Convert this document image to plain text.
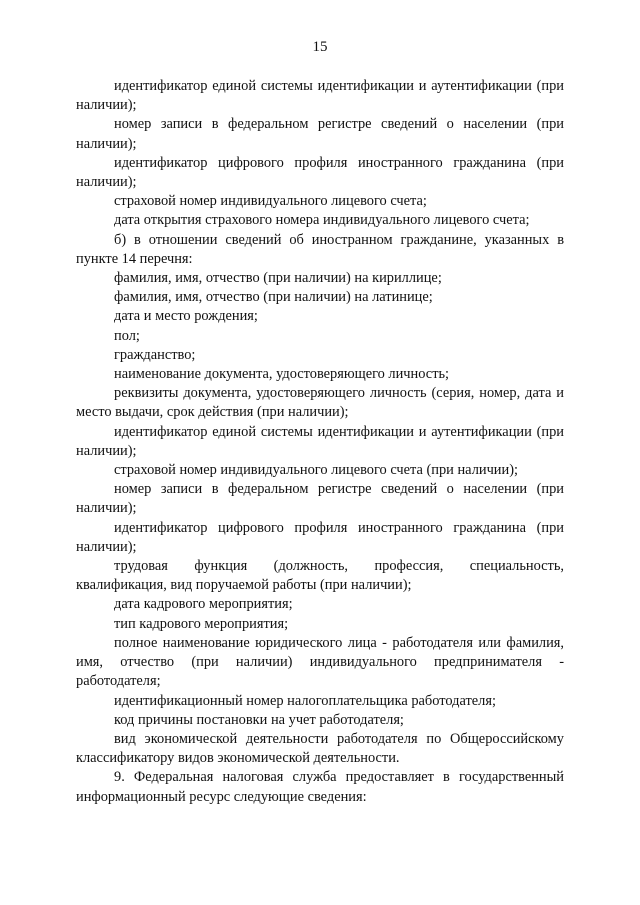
15

идентификатор единой системы идентификации и аутентификации (при наличии);

номер записи в федеральном регистре сведений о населении (при наличии);

идентификатор цифрового профиля иностранного гражданина (при наличии);

страховой номер индивидуального лицевого счета;

дата открытия страхового номера индивидуального лицевого счета;

б) в отношении сведений об иностранном гражданине, указанных в пункте 14 перечня:

фамилия, имя, отчество (при наличии) на кириллице;

фамилия, имя, отчество (при наличии) на латинице;

дата и место рождения;

пол;

гражданство;

наименование документа, удостоверяющего личность;

реквизиты документа, удостоверяющего личность (серия, номер, дата и место выдачи, срок действия (при наличии);

идентификатор единой системы идентификации и аутентификации (при наличии);

страховой номер индивидуального лицевого счета (при наличии);

номер записи в федеральном регистре сведений о населении (при наличии);

идентификатор цифрового профиля иностранного гражданина (при наличии);

трудовая функция (должность, профессия, специальность, квалификация, вид поручаемой работы (при наличии);

дата кадрового мероприятия;

тип кадрового мероприятия;

полное наименование юридического лица - работодателя или фамилия, имя, отчество (при наличии) индивидуального предпринимателя - работодателя;

идентификационный номер налогоплательщика работодателя;

код причины постановки на учет работодателя;

вид экономической деятельности работодателя по Общероссийскому классификатору видов экономической деятельности.

9. Федеральная налоговая служба предоставляет в государственный информационный ресурс следующие сведения:
